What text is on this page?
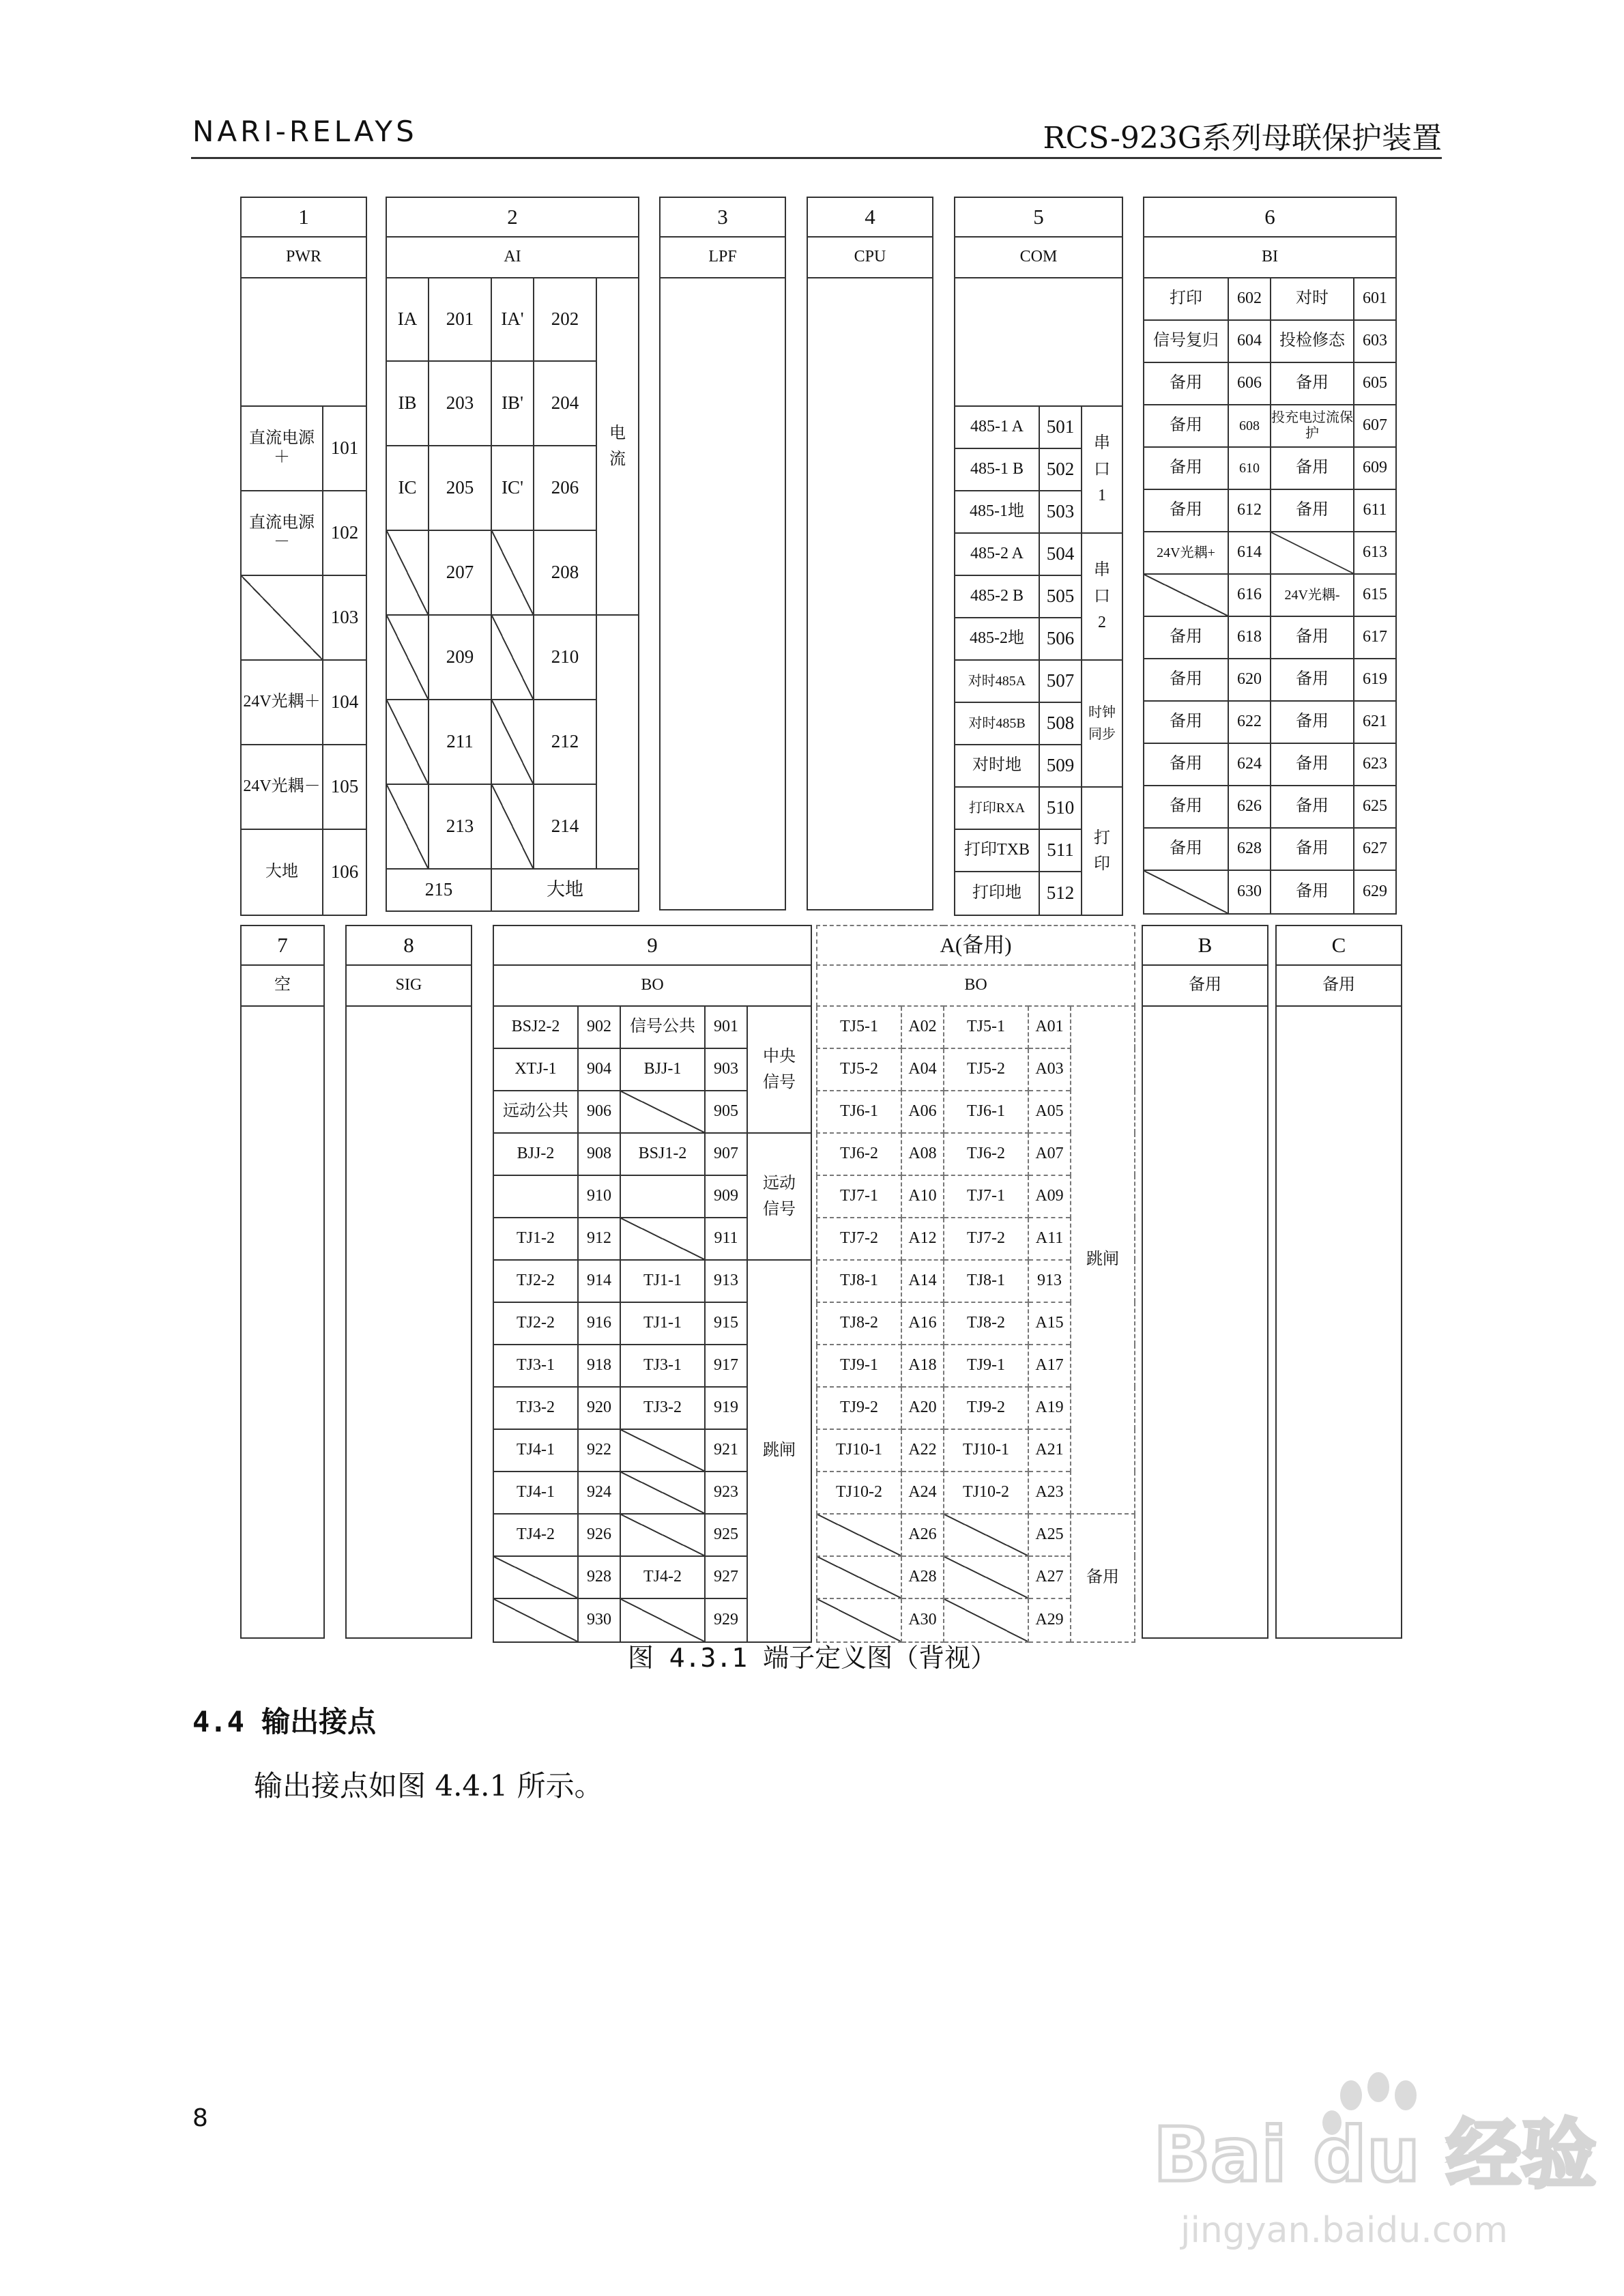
NARI-RELAYS	RCS-923G系列母联保护装置
1	
PWR	

直流电源＋	101
直流电源－	102
	103
24V光耦＋	104
24V光耦－	105
大地	106
2				
AI				
IA	201	IA'	202	电流
IB	203	IB'	204	
IC	205	IC'	206	
	207		208	
	209		210	
	211		212	
	213		214	
215		大地		
3
LPF

4
CPU

5		
COM		

485-1 A	501	串口1
485-1 B	502	
485-1地	503	
485-2 A	504	串口2
485-2 B	505	
485-2地	506	
对时485A	507	时钟同步
对时485B	508	
对时地	509	
打印RXA	510	打印
打印TXB	511	
打印地	512	
6			
BI			
打印	602	对时	601
信号复归	604	投检修态	603
备用	606	备用	605
备用	608	投充电过流保护	607
备用	610	备用	609
备用	612	备用	611
24V光耦+	614		613
	616	24V光耦-	615
备用	618	备用	617
备用	620	备用	619
备用	622	备用	621
备用	624	备用	623
备用	626	备用	625
备用	628	备用	627
	630	备用	629
7
空

8
SIG

9				
BO				
BSJ2-2	902	信号公共	901	中央信号
XTJ-1	904	BJJ-1	903	
远动公共	906		905	
BJJ-2	908	BSJ1-2	907	远动信号
	910		909	
TJ1-2	912		911	
TJ2-2	914	TJ1-1	913	跳闸
TJ2-2	916	TJ1-1	915	
TJ3-1	918	TJ3-1	917	
TJ3-2	920	TJ3-2	919	
TJ4-1	922		921	
TJ4-1	924		923	
TJ4-2	926		925	
	928	TJ4-2	927	
	930		929	
A(备用)				
BO				
TJ5-1	A02	TJ5-1	A01	跳闸
TJ5-2	A04	TJ5-2	A03	
TJ6-1	A06	TJ6-1	A05	
TJ6-2	A08	TJ6-2	A07	
TJ7-1	A10	TJ7-1	A09	
TJ7-2	A12	TJ7-2	A11	
TJ8-1	A14	TJ8-1	913	
TJ8-2	A16	TJ8-2	A15	
TJ9-1	A18	TJ9-1	A17	
TJ9-2	A20	TJ9-2	A19	
TJ10-1	A22	TJ10-1	A21	
TJ10-2	A24	TJ10-2	A23	
	A26		A25	备用
	A28		A27	
	A30		A29	
B
备用

C
备用

图 4.3.1 端子定义图（背视）
4.4 输出接点
输出接点如图 4.4.1 所示。
8	Bai du 经验
jingyan.baidu.com
